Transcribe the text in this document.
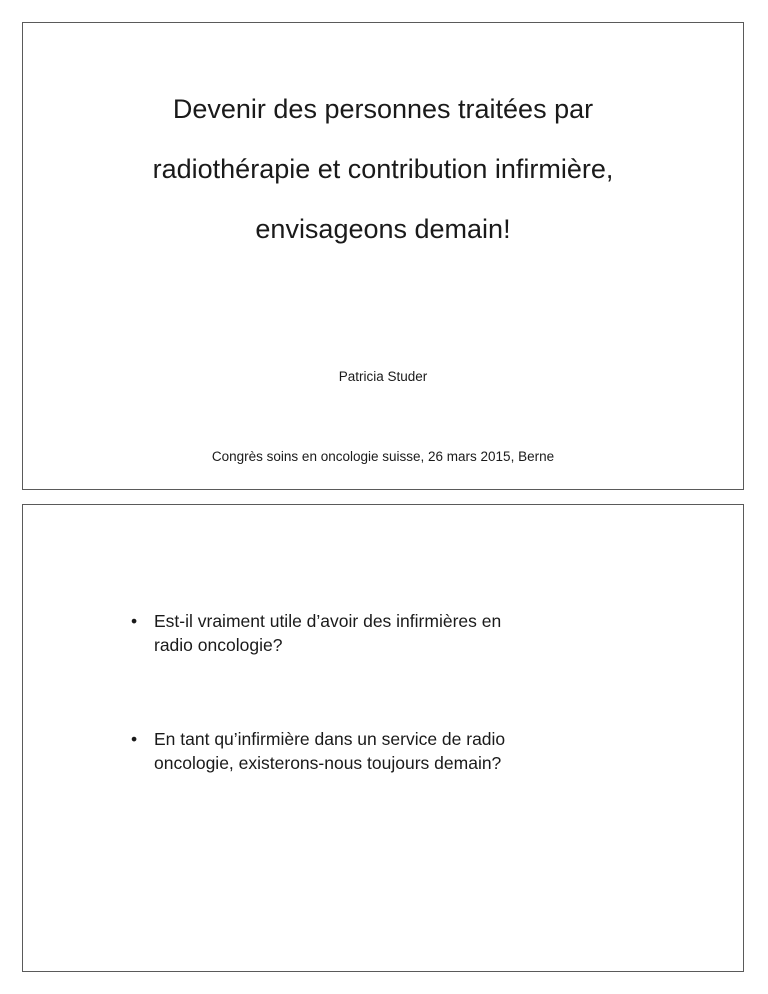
Devenir des personnes traitées par
radiothérapie et contribution infirmière,
envisageons demain!
Patricia Studer
Congrès soins en oncologie suisse, 26 mars 2015, Berne
• Est-il vraiment utile d’avoir des infirmières en
radio oncologie?
• En tant qu’infirmière dans un service de radio
oncologie, existerons-nous toujours demain?
